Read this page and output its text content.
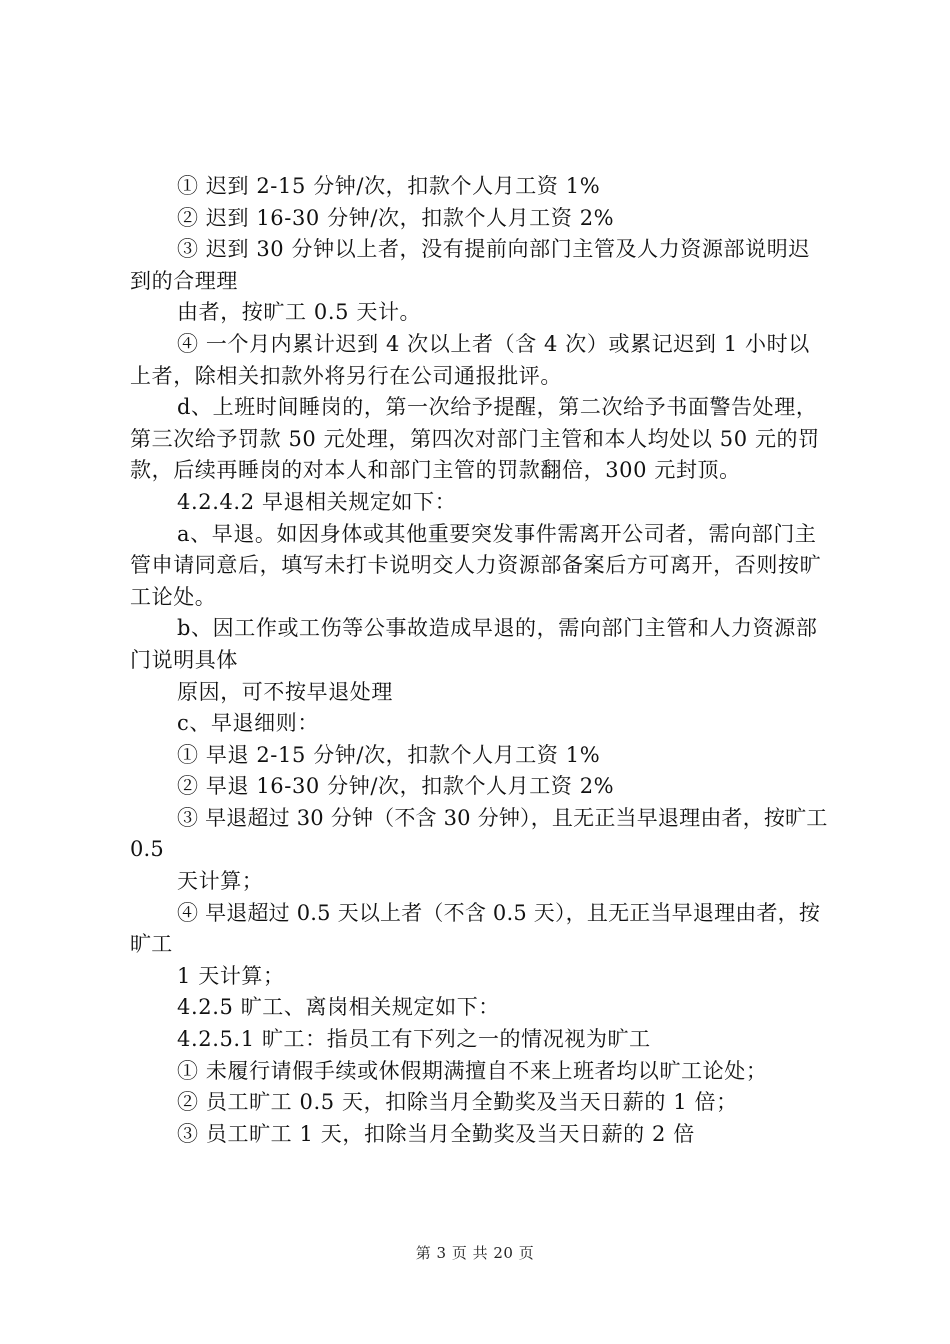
① 迟到 2-15 分钟/次，扣款个人月工资 1%

② 迟到 16-30 分钟/次，扣款个人月工资 2%

③ 迟到 30 分钟以上者，没有提前向部门主管及人力资源部说明迟到的合理理

由者，按旷工 0.5 天计。

④ 一个月内累计迟到 4 次以上者（含 4 次）或累记迟到 1 小时以上者，除相关扣款外将另行在公司通报批评。

d、上班时间睡岗的，第一次给予提醒，第二次给予书面警告处理，第三次给予罚款 50 元处理，第四次对部门主管和本人均处以 50 元的罚款，后续再睡岗的对本人和部门主管的罚款翻倍，300 元封顶。

4.2.4.2 早退相关规定如下：

a、早退。如因身体或其他重要突发事件需离开公司者，需向部门主管申请同意后，填写未打卡说明交人力资源部备案后方可离开，否则按旷工论处。

b、因工作或工伤等公事故造成早退的，需向部门主管和人力资源部门说明具体

原因，可不按早退处理

c、早退细则：

① 早退 2-15 分钟/次，扣款个人月工资 1%

② 早退 16-30 分钟/次，扣款个人月工资 2%

③ 早退超过 30 分钟（不含 30 分钟），且无正当早退理由者，按旷工 0.5

天计算；

④ 早退超过 0.5 天以上者（不含 0.5 天），且无正当早退理由者，按旷工

1 天计算；

4.2.5 旷工、离岗相关规定如下：

4.2.5.1 旷工：指员工有下列之一的情况视为旷工

① 未履行请假手续或休假期满擅自不来上班者均以旷工论处；

② 员工旷工 0.5 天，扣除当月全勤奖及当天日薪的 1 倍；

③ 员工旷工 1 天，扣除当月全勤奖及当天日薪的 2 倍

第 3 页 共 20 页
